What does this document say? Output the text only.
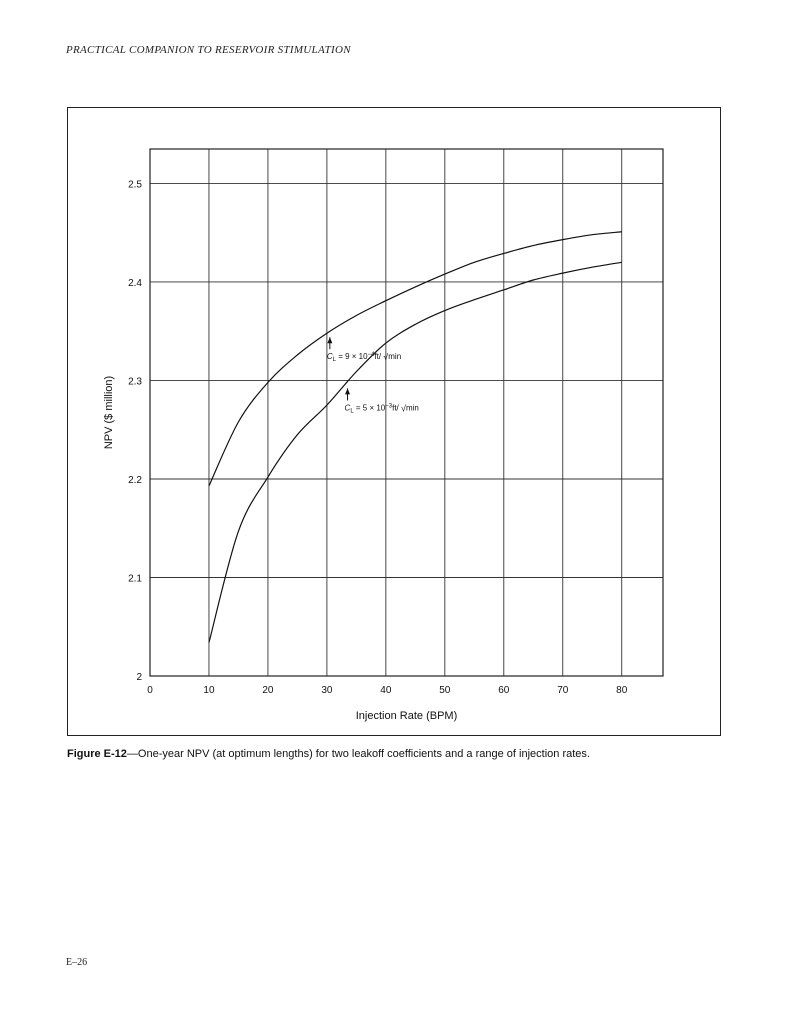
PRACTICAL COMPANION TO RESERVOIR STIMULATION
0	10	20	30	40	50	60	70	80
2
2.1
2.2
2.3
2.4
2.5
Injection Rate (BPM)
NPV ($ million)
$C_L = 9 \times 10^{-4}ft/$ √min
$C_L = 5 \times 10^{-3}ft/$ √min
Figure E-12—One-year NPV (at optimum lengths) for two leakoff coefficients and a range of injection rates.
E–26
